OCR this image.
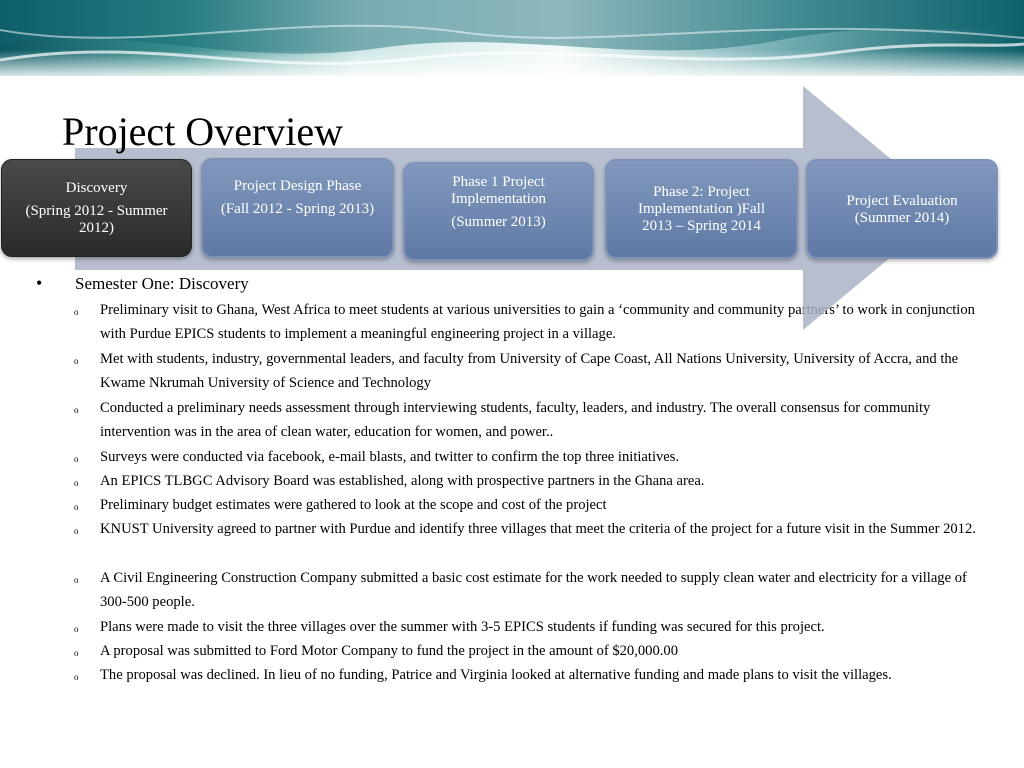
Project Overview
Discovery
(Spring 2012 - Summer 2012)
Project Design Phase
(Fall 2012 - Spring 2013)
Phase 1 Project Implementation
(Summer 2013)
Phase 2: Project Implementation )Fall 2013 – Spring 2014
Project Evaluation
(Summer 2014)
• Semester One: Discovery
o Preliminary visit to Ghana, West Africa to meet students at various universities to gain a ‘community and community partners’ to work in conjunction with Purdue EPICS students to implement a meaningful engineering project in a village.
o Met with students, industry, governmental leaders, and faculty from University of Cape Coast, All Nations University, University of Accra, and the Kwame Nkrumah University of Science and Technology
o Conducted a preliminary needs assessment through interviewing students, faculty, leaders, and industry. The overall consensus for community intervention was in the area of clean water, education for women, and power..
o Surveys were conducted via facebook, e-mail blasts, and twitter to confirm the top three initiatives.
o An EPICS TLBGC Advisory Board was established, along with prospective partners in the Ghana area.
o Preliminary budget estimates were gathered to look at the scope and cost of the project
o KNUST University agreed to partner with Purdue and identify three villages that meet the criteria of the project for a future visit in the Summer 2012.
o A Civil Engineering Construction Company submitted a basic cost estimate for the work needed to supply clean water and electricity for a village of 300-500 people.
o Plans were made to visit the three villages over the summer with 3-5 EPICS students if funding was secured for this project.
o A proposal was submitted to Ford Motor Company to fund the project in the amount of $20,000.00
o The proposal was declined. In lieu of no funding, Patrice and Virginia looked at alternative funding and made plans to visit the villages.
